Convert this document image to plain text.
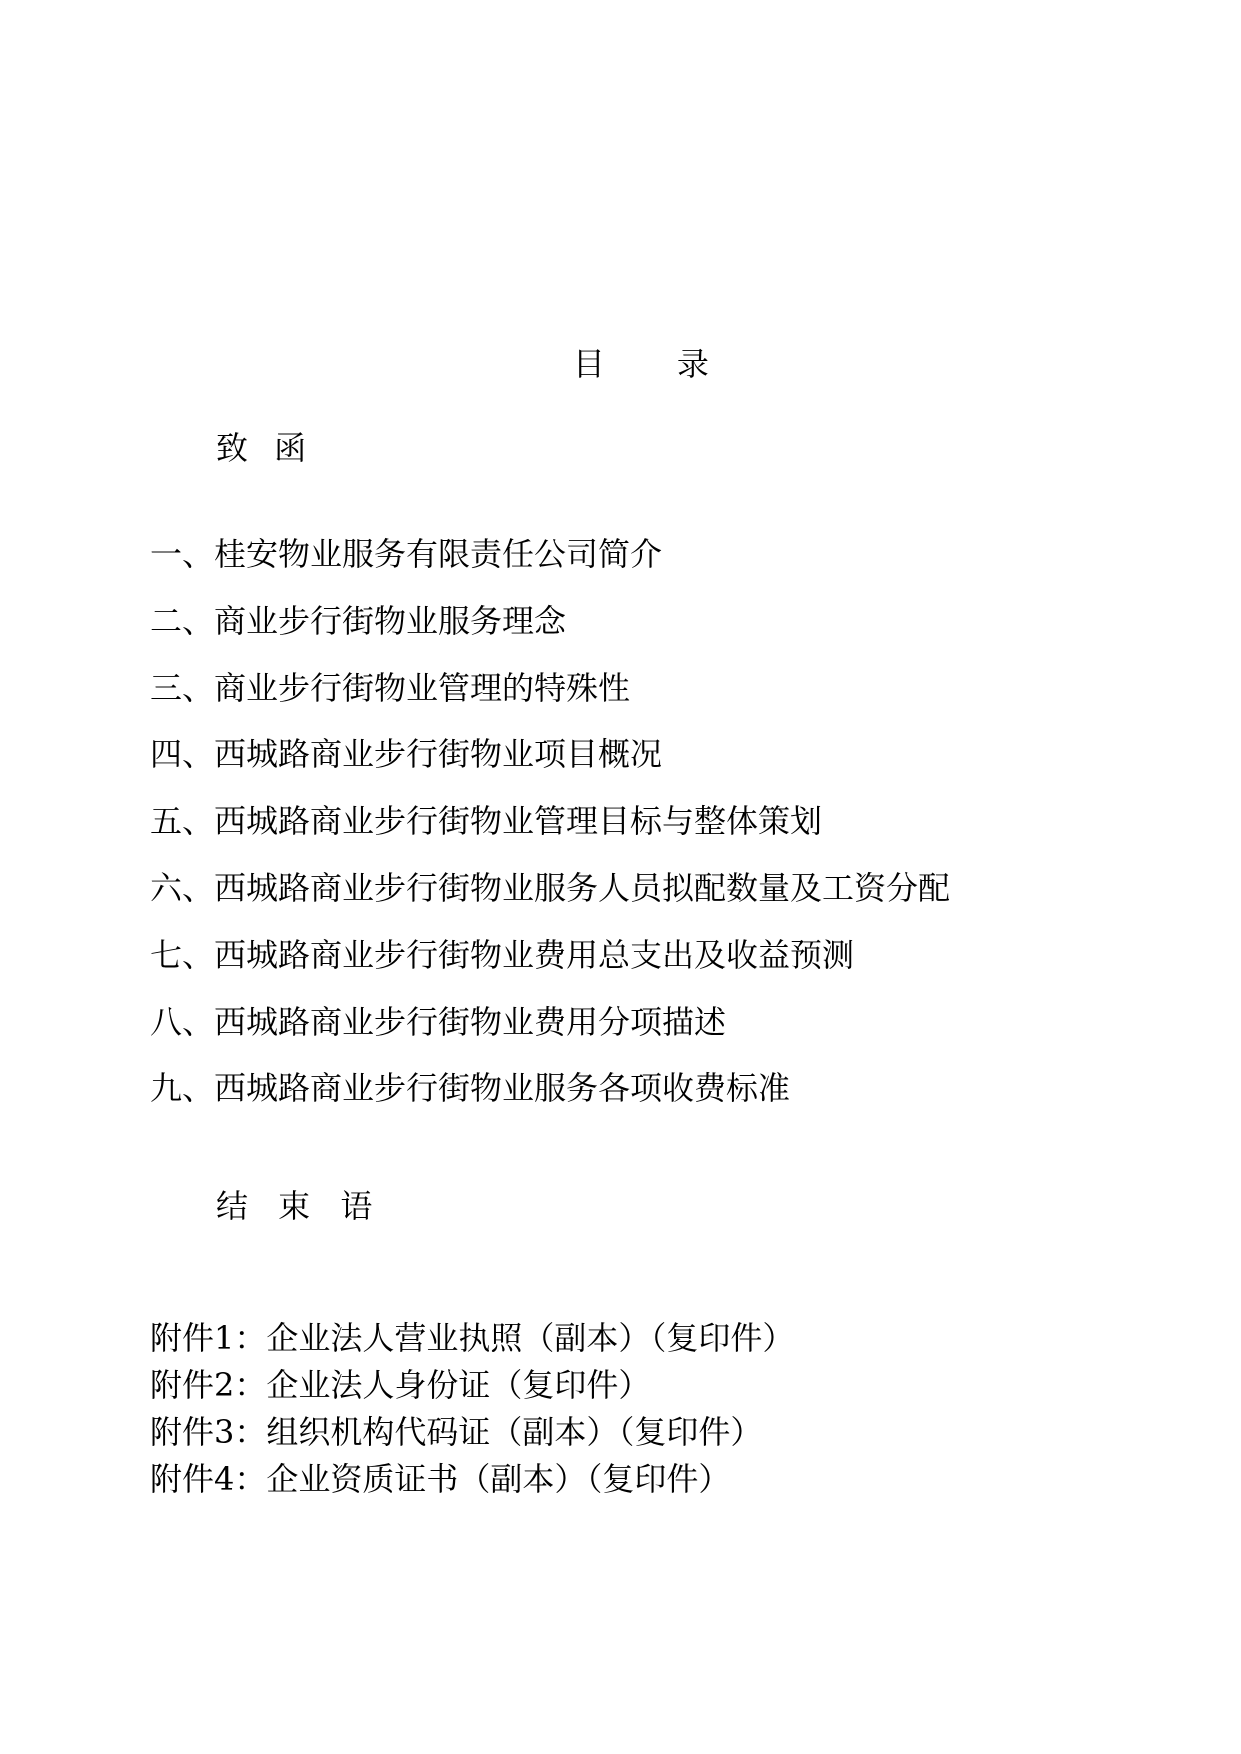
目 录

致 函
一、桂安物业服务有限责任公司简介
二、商业步行街物业服务理念
三、商业步行街物业管理的特殊性
四、西城路商业步行街物业项目概况
五、西城路商业步行街物业管理目标与整体策划
六、西城路商业步行街物业服务人员拟配数量及工资分配
七、西城路商业步行街物业费用总支出及收益预测
八、西城路商业步行街物业费用分项描述
九、西城路商业步行街物业服务各项收费标准
结 束 语
附件1：企业法人营业执照（副本）（复印件）
附件2：企业法人身份证（复印件）
附件3：组织机构代码证（副本）（复印件）
附件4：企业资质证书（副本）（复印件）
